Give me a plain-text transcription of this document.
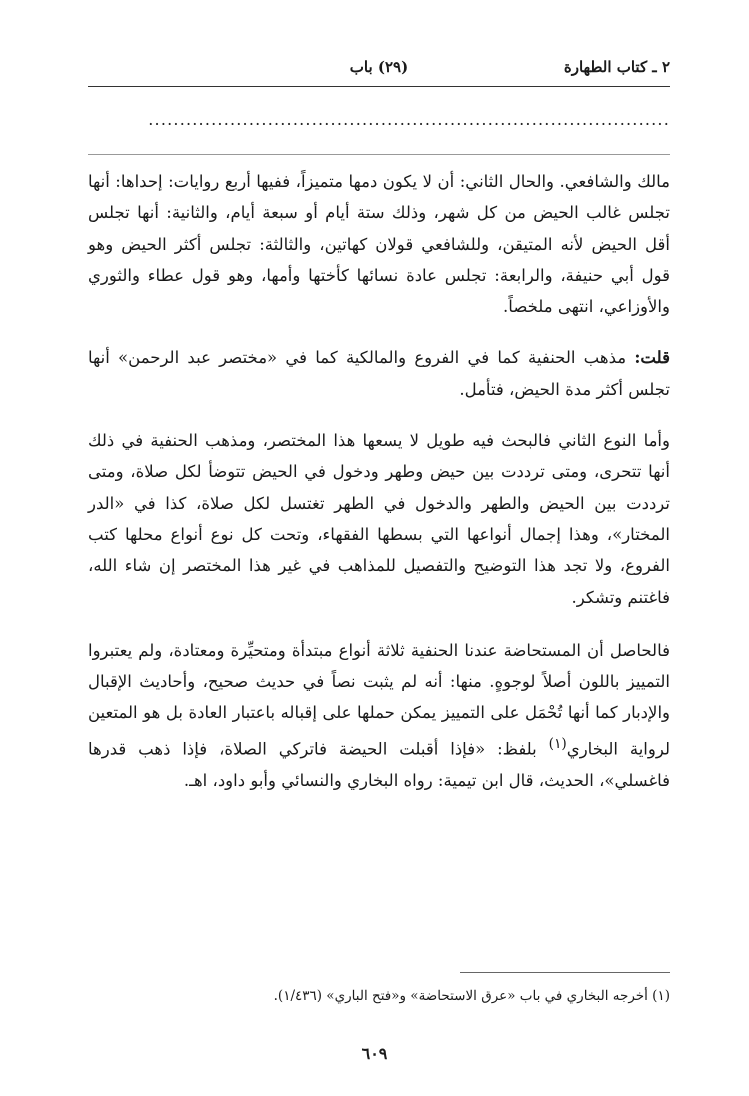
٢ ـ كتاب الطهارة
(٢٩) باب
...................................................................................

مالك والشافعي. والحال الثاني: أن لا يكون دمها متميزاً، ففيها أربع روايات: إحداها: أنها تجلس غالب الحيض من كل شهر، وذلك ستة أيام أو سبعة أيام، والثانية: أنها تجلس أقل الحيض لأنه المتيقن، وللشافعي قولان كهاتين، والثالثة: تجلس أكثر الحيض وهو قول أبي حنيفة، والرابعة: تجلس عادة نسائها كأختها وأمها، وهو قول عطاء والثوري والأوزاعي، انتهى ملخصاً.

قلت: مذهب الحنفية كما في الفروع والمالكية كما في «مختصر عبد الرحمن» أنها تجلس أكثر مدة الحيض، فتأمل.

وأما النوع الثاني فالبحث فيه طويل لا يسعها هذا المختصر، ومذهب الحنفية في ذلك أنها تتحرى، ومتى ترددت بين حيض وطهر ودخول في الحيض تتوضأ لكل صلاة، ومتى ترددت بين الحيض والطهر والدخول في الطهر تغتسل لكل صلاة، كذا في «الدر المختار»، وهذا إجمال أنواعها التي بسطها الفقهاء، وتحت كل نوع أنواع محلها كتب الفروع، ولا تجد هذا التوضيح والتفصيل للمذاهب في غير هذا المختصر إن شاء الله، فاغتنم وتشكر.

فالحاصل أن المستحاضة عندنا الحنفية ثلاثة أنواع مبتدأة ومتحيِّرة ومعتادة، ولم يعتبروا التمييز باللون أصلاً لوجوهٍ. منها: أنه لم يثبت نصاً في حديث صحيح، وأحاديث الإقبال والإدبار كما أنها تُحْمَل على التمييز يمكن حملها على إقباله باعتبار العادة بل هو المتعين لرواية البخاري$^{(١)}$ بلفظ: «فإذا أقبلت الحيضة فاتركي الصلاة، فإذا ذهب قدرها فاغسلي»، الحديث، قال ابن تيمية: رواه البخاري والنسائي وأبو داود، اهـ.

(١) أخرجه البخاري في باب «عرق الاستحاضة» و«فتح الباري» (١/٤٣٦).
٦٠٩
